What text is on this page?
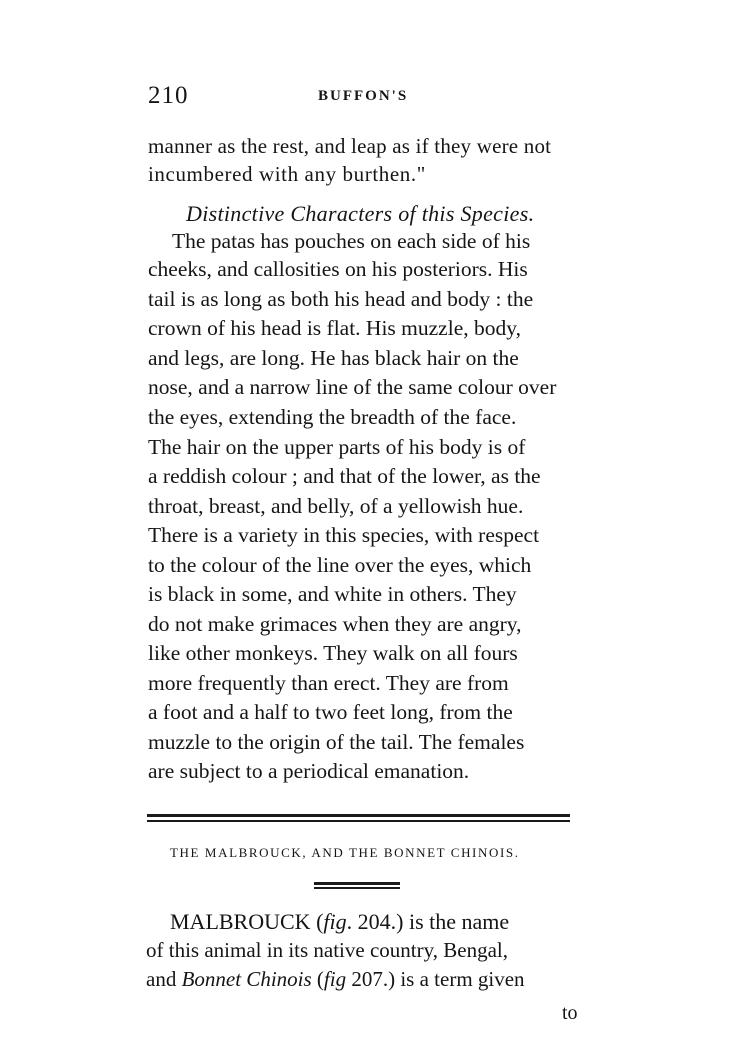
210	BUFFON'S
manner as the rest, and leap as if they were not
incumbered with any burthen."
Distinctive Characters of this Species.
The patas has pouches on each side of his
cheeks, and callosities on his posteriors. His
tail is as long as both his head and body : the
crown of his head is flat. His muzzle, body,
and legs, are long. He has black hair on the
nose, and a narrow line of the same colour over
the eyes, extending the breadth of the face.
The hair on the upper parts of his body is of
a reddish colour ; and that of the lower, as the
throat, breast, and belly, of a yellowish hue.
There is a variety in this species, with respect
to the colour of the line over the eyes, which
is black in some, and white in others. They
do not make grimaces when they are angry,
like other monkeys. They walk on all fours
more frequently than erect. They are from
a foot and a half to two feet long, from the
muzzle to the origin of the tail. The females
are subject to a periodical emanation.
THE MALBROUCK, AND THE BONNET CHINOIS.
MALBROUCK (fig. 204.) is the name
of this animal in its native country, Bengal,
and Bonnet Chinois (fig 207.) is a term given
to
